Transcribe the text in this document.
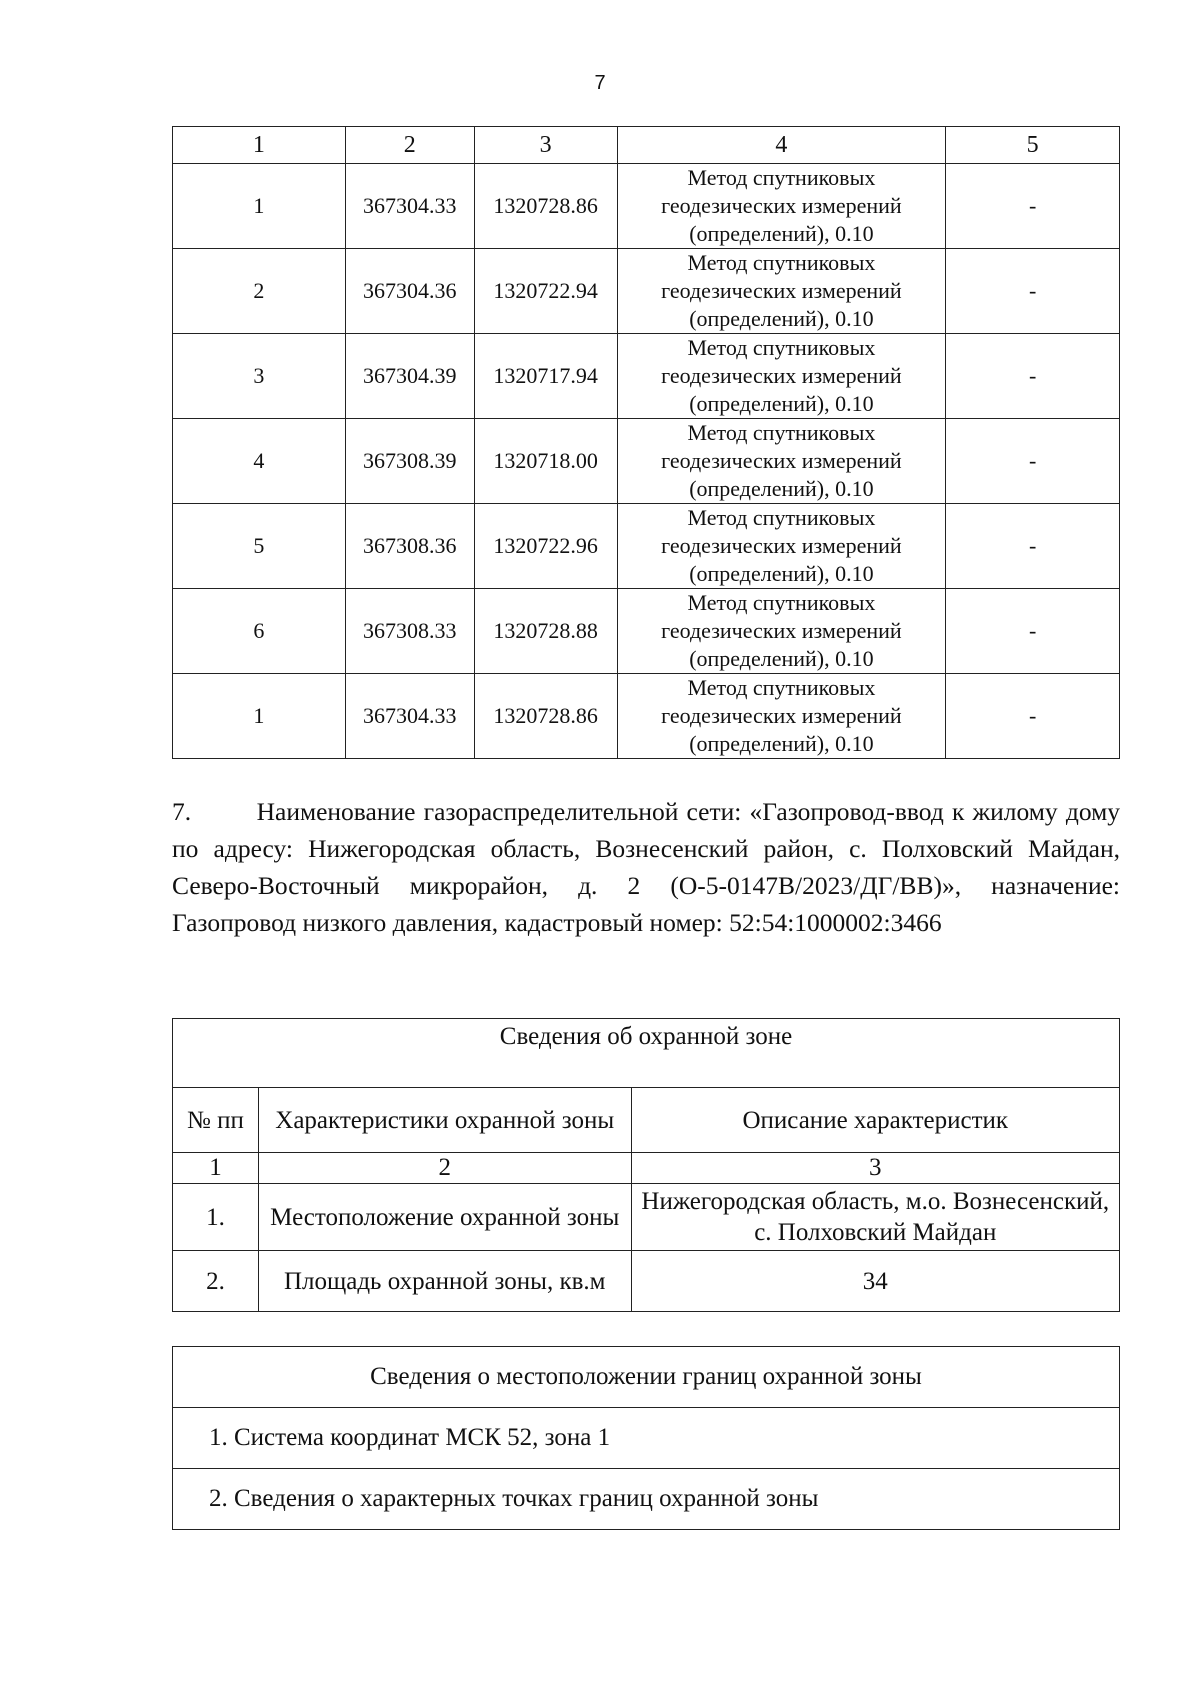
7
1	2	3	4	5
1	367304.33	1320728.86	Метод спутниковых
геодезических измерений
(определений), 0.10	-
2	367304.36	1320722.94	Метод спутниковых
геодезических измерений
(определений), 0.10	-
3	367304.39	1320717.94	Метод спутниковых
геодезических измерений
(определений), 0.10	-
4	367308.39	1320718.00	Метод спутниковых
геодезических измерений
(определений), 0.10	-
5	367308.36	1320722.96	Метод спутниковых
геодезических измерений
(определений), 0.10	-
6	367308.33	1320728.88	Метод спутниковых
геодезических измерений
(определений), 0.10	-
1	367304.33	1320728.86	Метод спутниковых
геодезических измерений
(определений), 0.10	-

7.        Наименование газораспределительной сети: «Газопровод-ввод к жилому дому по адресу: Нижегородская область, Вознесенский район, с. Полховский Майдан, Северо-Восточный микрорайон, д. 2 (О-5-0147В/2023/ДГ/ВВ)», назначение: Газопровод низкого давления, кадастровый номер: 52:54:1000002:3466

Сведения об охранной зоне		
№ пп	Характеристики охранной зоны	Описание характеристик
1	2	3
1.	Местоположение охранной зоны	Нижегородская область, м.о. Вознесенский, с. Полховский Майдан
2.	Площадь охранной зоны, кв.м	34
Сведения о местоположении границ охранной зоны
1. Система координат МСК 52, зона 1
2. Сведения о характерных точках границ охранной зоны
